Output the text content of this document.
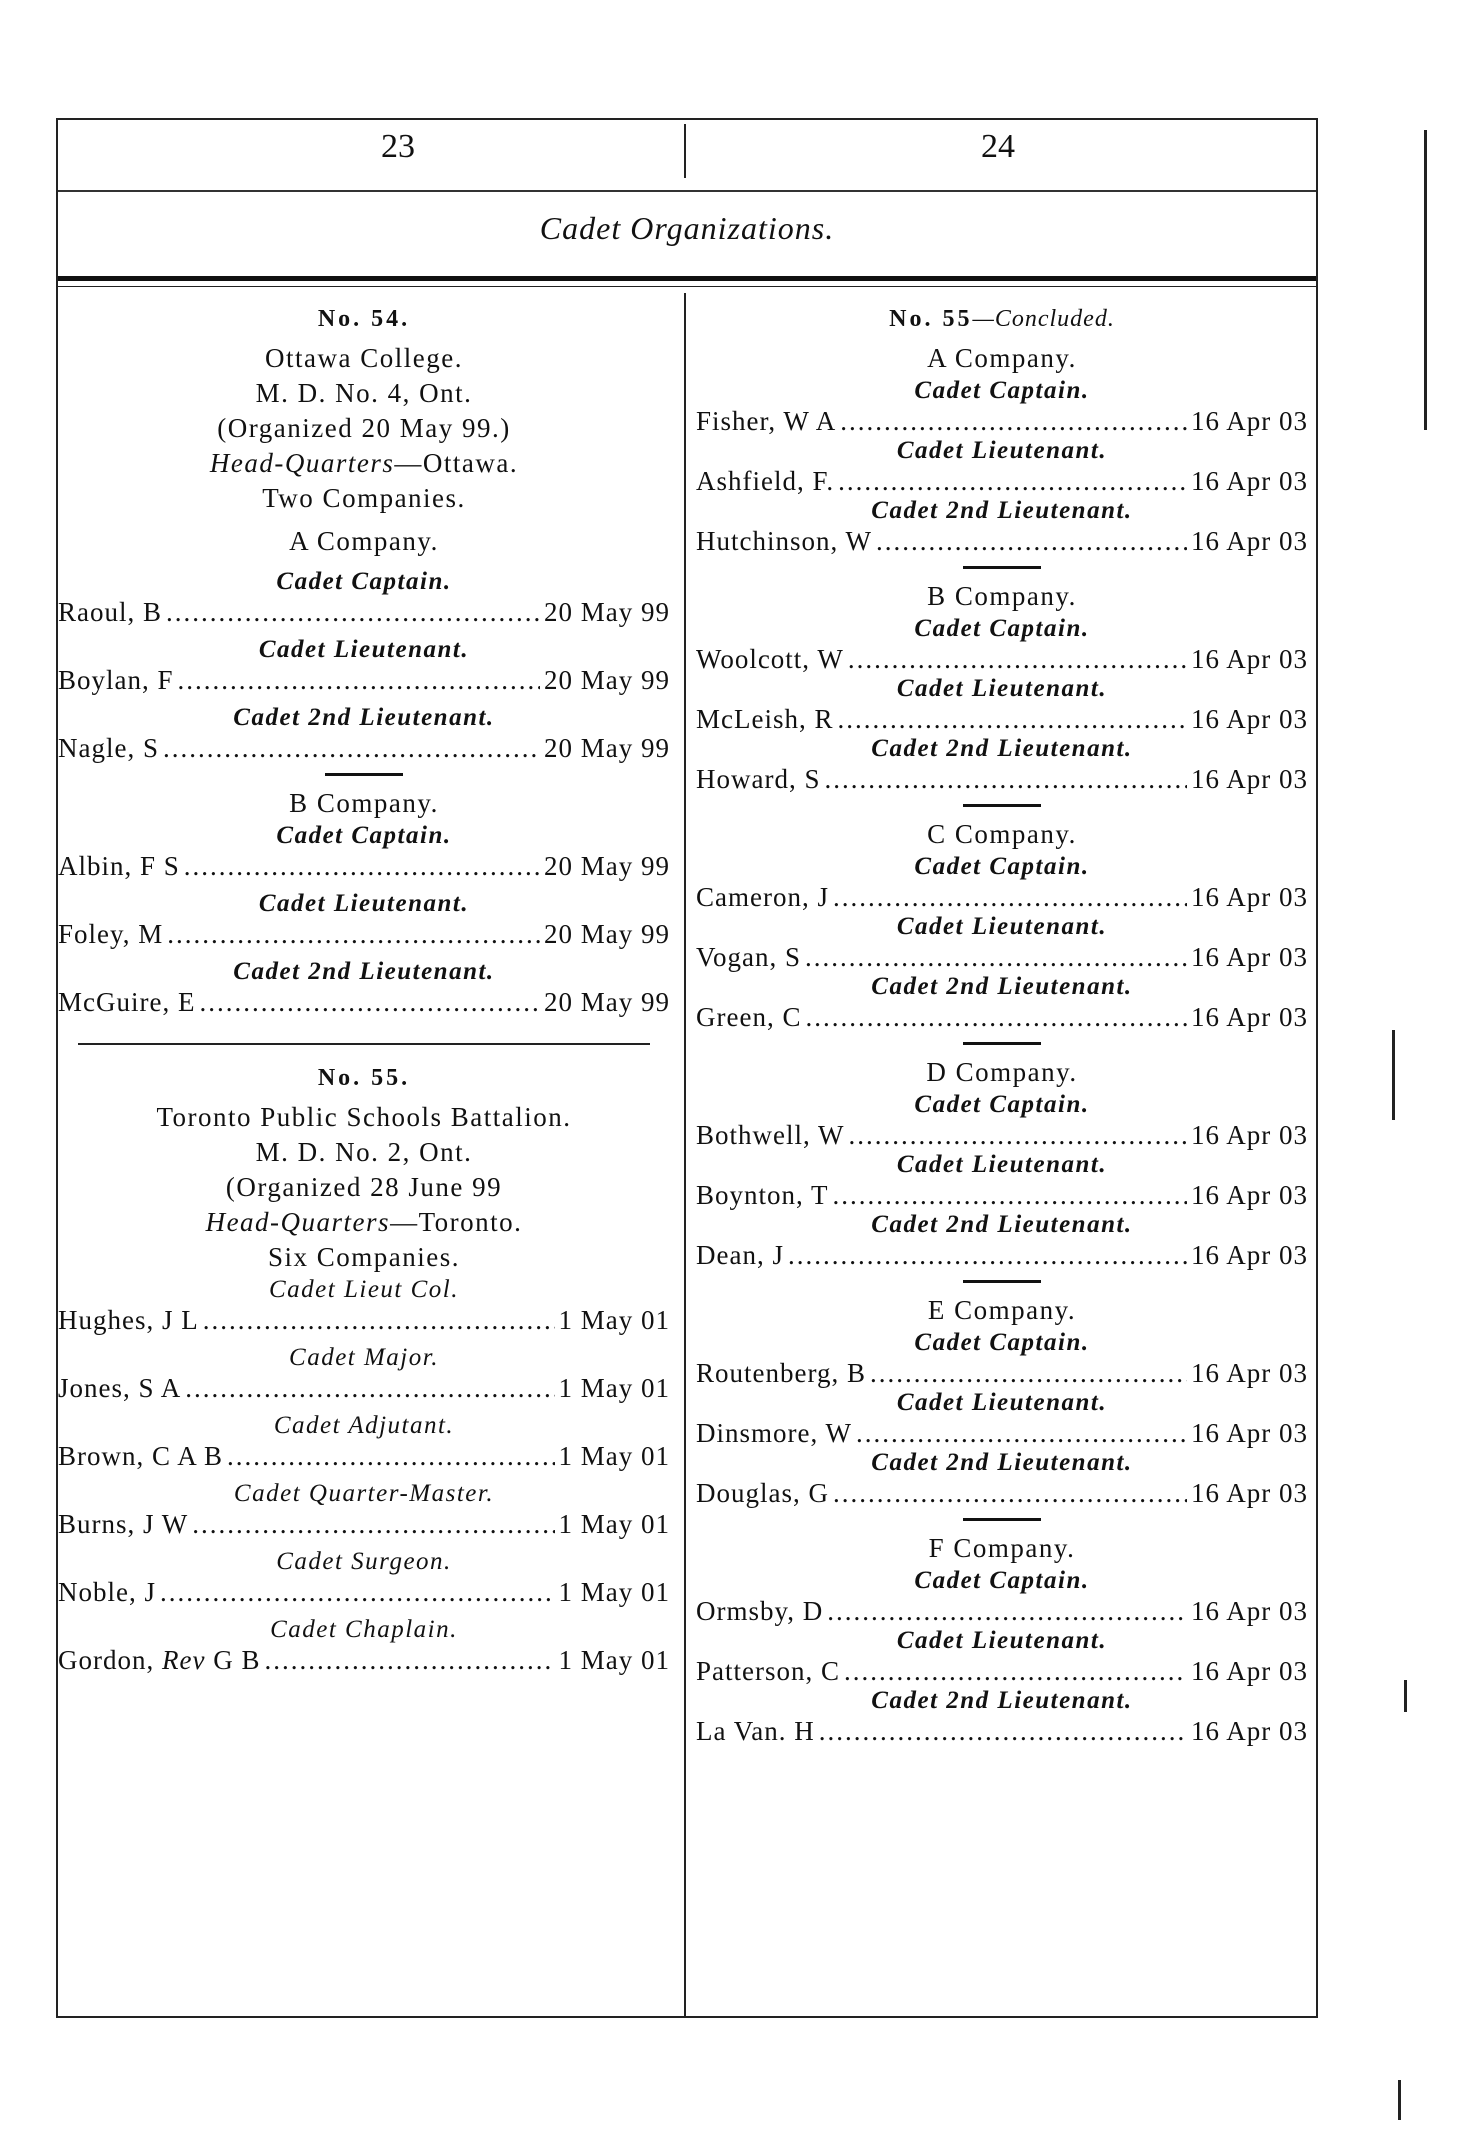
23	24
Cadet Organizations.
No. 54.
Ottawa College.
M. D. No. 4, Ont.
(Organized 20 May 99.)
Head-Quarters—Ottawa.
Two Companies.
A Company.
Cadet Captain.
Raoul, B .....	20 May 99
Cadet Lieutenant.
Boylan, F .....	20 May 99
Cadet 2nd Lieutenant.
Nagle, S .....	20 May 99
B Company.
Cadet Captain.
Albin, F S .....	20 May 99
Cadet Lieutenant.
Foley, M .....	20 May 99
Cadet 2nd Lieutenant.
McGuire, E .....	20 May 99
No. 55.
Toronto Public Schools Battalion.
M. D. No. 2, Ont.
(Organized 28 June 99
Head-Quarters—Toronto.
Six Companies.
Cadet Lieut Col.
Hughes, J L .....	1 May 01
Cadet Major.
Jones, S A .....	1 May 01
Cadet Adjutant.
Brown, C A B .....	1 May 01
Cadet Quarter-Master.
Burns, J W .....	1 May 01
Cadet Surgeon.
Noble, J .....	1 May 01
Cadet Chaplain.
Gordon, Rev G B .....	1 May 01
No. 55—Concluded.
A Company.
Cadet Captain.
Fisher, W A .....	16 Apr 03
Cadet Lieutenant.
Ashfield, F. .....	16 Apr 03
Cadet 2nd Lieutenant.
Hutchinson, W .....	16 Apr 03
B Company.
Cadet Captain.
Woolcott, W .....	16 Apr 03
Cadet Lieutenant.
McLeish, R .....	16 Apr 03
Cadet 2nd Lieutenant.
Howard, S .....	16 Apr 03
C Company.
Cadet Captain.
Cameron, J .....	16 Apr 03
Cadet Lieutenant.
Vogan, S .....	16 Apr 03
Cadet 2nd Lieutenant.
Green, C .....	16 Apr 03
D Company.
Cadet Captain.
Bothwell, W .....	16 Apr 03
Cadet Lieutenant.
Boynton, T .....	16 Apr 03
Cadet 2nd Lieutenant.
Dean, J .....	16 Apr 03
E Company.
Cadet Captain.
Routenberg, B .....	16 Apr 03
Cadet Lieutenant.
Dinsmore, W .....	16 Apr 03
Cadet 2nd Lieutenant.
Douglas, G .....	16 Apr 03
F Company.
Cadet Captain.
Ormsby, D .....	16 Apr 03
Cadet Lieutenant.
Patterson, C .....	16 Apr 03
Cadet 2nd Lieutenant.
La Van. H .....	16 Apr 03
